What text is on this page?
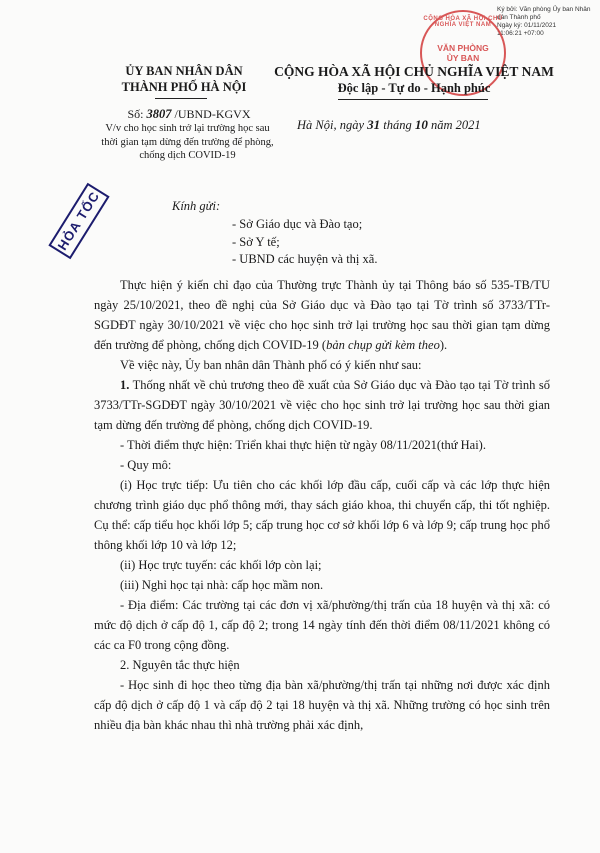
Ký bởi: Văn phòng Ủy ban Nhân dân Thành phố
Ngày ký: 01/11/2021
11:06:21 +07:00
CỘNG HÒA XÃ HỘI CHỦ NGHĨA VIỆT NAM
VĂN PHÒNG
ỦY BAN
ỦY BAN NHÂN DÂN
THÀNH PHỐ HÀ NỘI
CỘNG HÒA XÃ HỘI CHỦ NGHĨA VIỆT NAM
Độc lập - Tự do - Hạnh phúc
Số: 3807 /UBND-KGVX
V/v cho học sinh trở lại trường học sau thời gian tạm dừng đến trường để phòng, chống dịch COVID-19
Hà Nội, ngày 31 tháng 10 năm 2021
HỎA TỐC	Kính gửi:
- Sở Giáo dục và Đào tạo;
- Sở Y tế;
- UBND các huyện và thị xã.

Thực hiện ý kiến chỉ đạo của Thường trực Thành ủy tại Thông báo số 535-TB/TU ngày 25/10/2021, theo đề nghị của Sở Giáo dục và Đào tạo tại Tờ trình số 3733/TTr-SGDĐT ngày 30/10/2021 về việc cho học sinh trở lại trường học sau thời gian tạm dừng đến trường để phòng, chống dịch COVID-19 (bản chụp gửi kèm theo).

Về việc này, Ủy ban nhân dân Thành phố có ý kiến như sau:

1. Thống nhất về chủ trương theo đề xuất của Sở Giáo dục và Đào tạo tại Tờ trình số 3733/TTr-SGDĐT ngày 30/10/2021 về việc cho học sinh trở lại trường học sau thời gian tạm dừng đến trường để phòng, chống dịch COVID-19.

- Thời điểm thực hiện: Triển khai thực hiện từ ngày 08/11/2021(thứ Hai).

- Quy mô:

(i) Học trực tiếp: Ưu tiên cho các khối lớp đầu cấp, cuối cấp và các lớp thực hiện chương trình giáo dục phổ thông mới, thay sách giáo khoa, thi chuyển cấp, thi tốt nghiệp. Cụ thể: cấp tiểu học khối lớp 5; cấp trung học cơ sở khối lớp 6 và lớp 9; cấp trung học phổ thông khối lớp 10 và lớp 12;

(ii) Học trực tuyến: các khối lớp còn lại;

(iii) Nghỉ học tại nhà: cấp học mầm non.

- Địa điểm: Các trường tại các đơn vị xã/phường/thị trấn của 18 huyện và thị xã: có mức độ dịch ở cấp độ 1, cấp độ 2; trong 14 ngày tính đến thời điểm 08/11/2021 không có các ca F0 trong cộng đồng.

2. Nguyên tắc thực hiện

- Học sinh đi học theo từng địa bàn xã/phường/thị trấn tại những nơi được xác định cấp độ dịch ở cấp độ 1 và cấp độ 2 tại 18 huyện và thị xã. Những trường có học sinh trên nhiều địa bàn khác nhau thì nhà trường phải xác định,
